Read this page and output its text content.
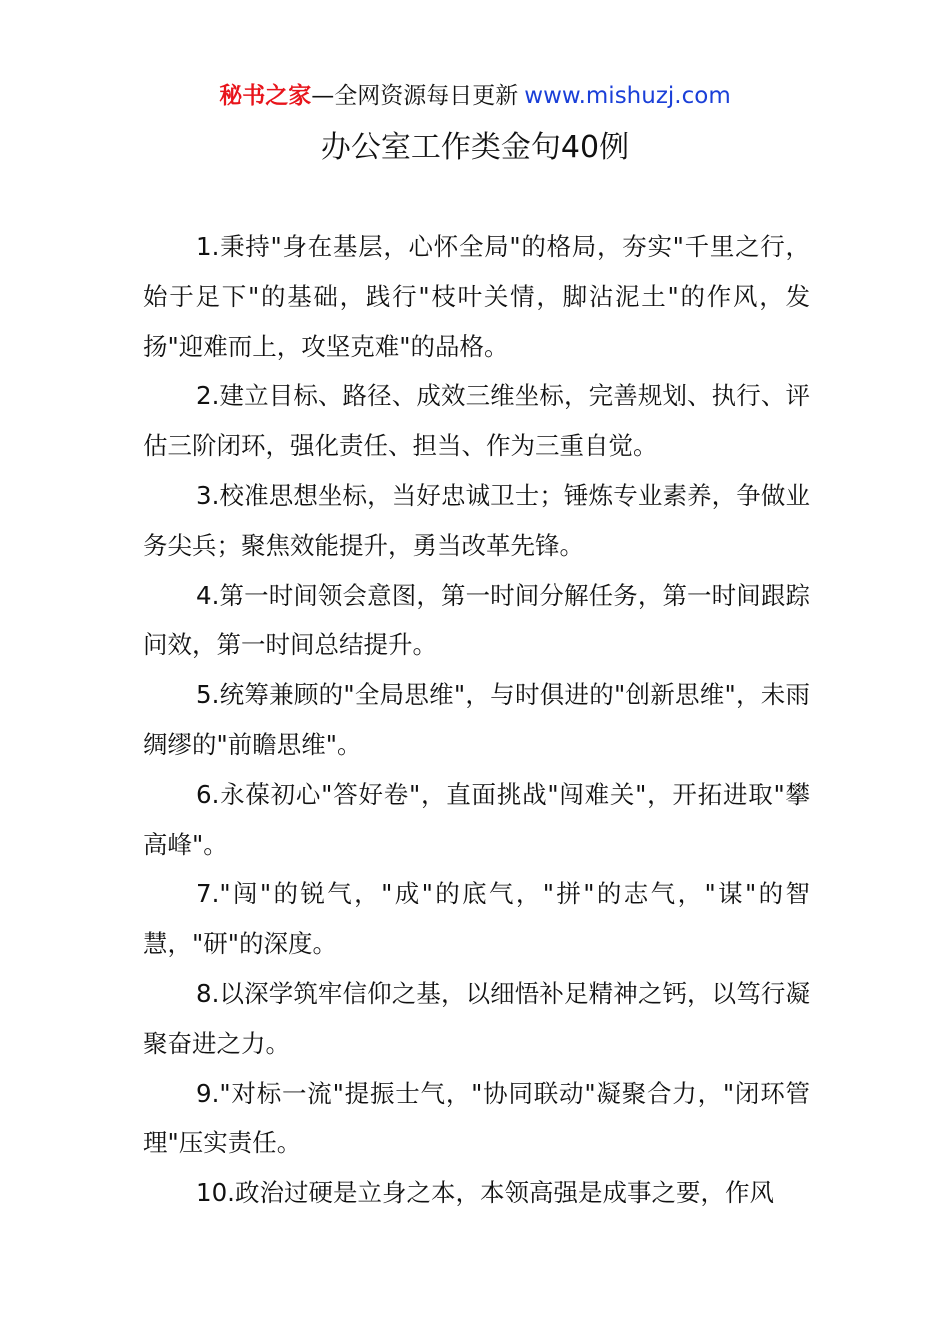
秘书之家—全网资源每日更新 www.mishuzj.com
办公室工作类金句40例

1.秉持"身在基层，心怀全局"的格局，夯实"千里之行，始于足下"的基础，践行"枝叶关情，脚沾泥土"的作风，发扬"迎难而上，攻坚克难"的品格。

2.建立目标、路径、成效三维坐标，完善规划、执行、评估三阶闭环，强化责任、担当、作为三重自觉。

3.校准思想坐标，当好忠诚卫士；锤炼专业素养，争做业务尖兵；聚焦效能提升，勇当改革先锋。

4.第一时间领会意图，第一时间分解任务，第一时间跟踪问效，第一时间总结提升。

5.统筹兼顾的"全局思维"，与时俱进的"创新思维"，未雨绸缪的"前瞻思维"。

6.永葆初心"答好卷"，直面挑战"闯难关"，开拓进取"攀高峰"。

7."闯"的锐气，"成"的底气，"拼"的志气，"谋"的智慧，"研"的深度。

8.以深学筑牢信仰之基，以细悟补足精神之钙，以笃行凝聚奋进之力。

9."对标一流"提振士气，"协同联动"凝聚合力，"闭环管理"压实责任。

10.政治过硬是立身之本，本领高强是成事之要，作风
